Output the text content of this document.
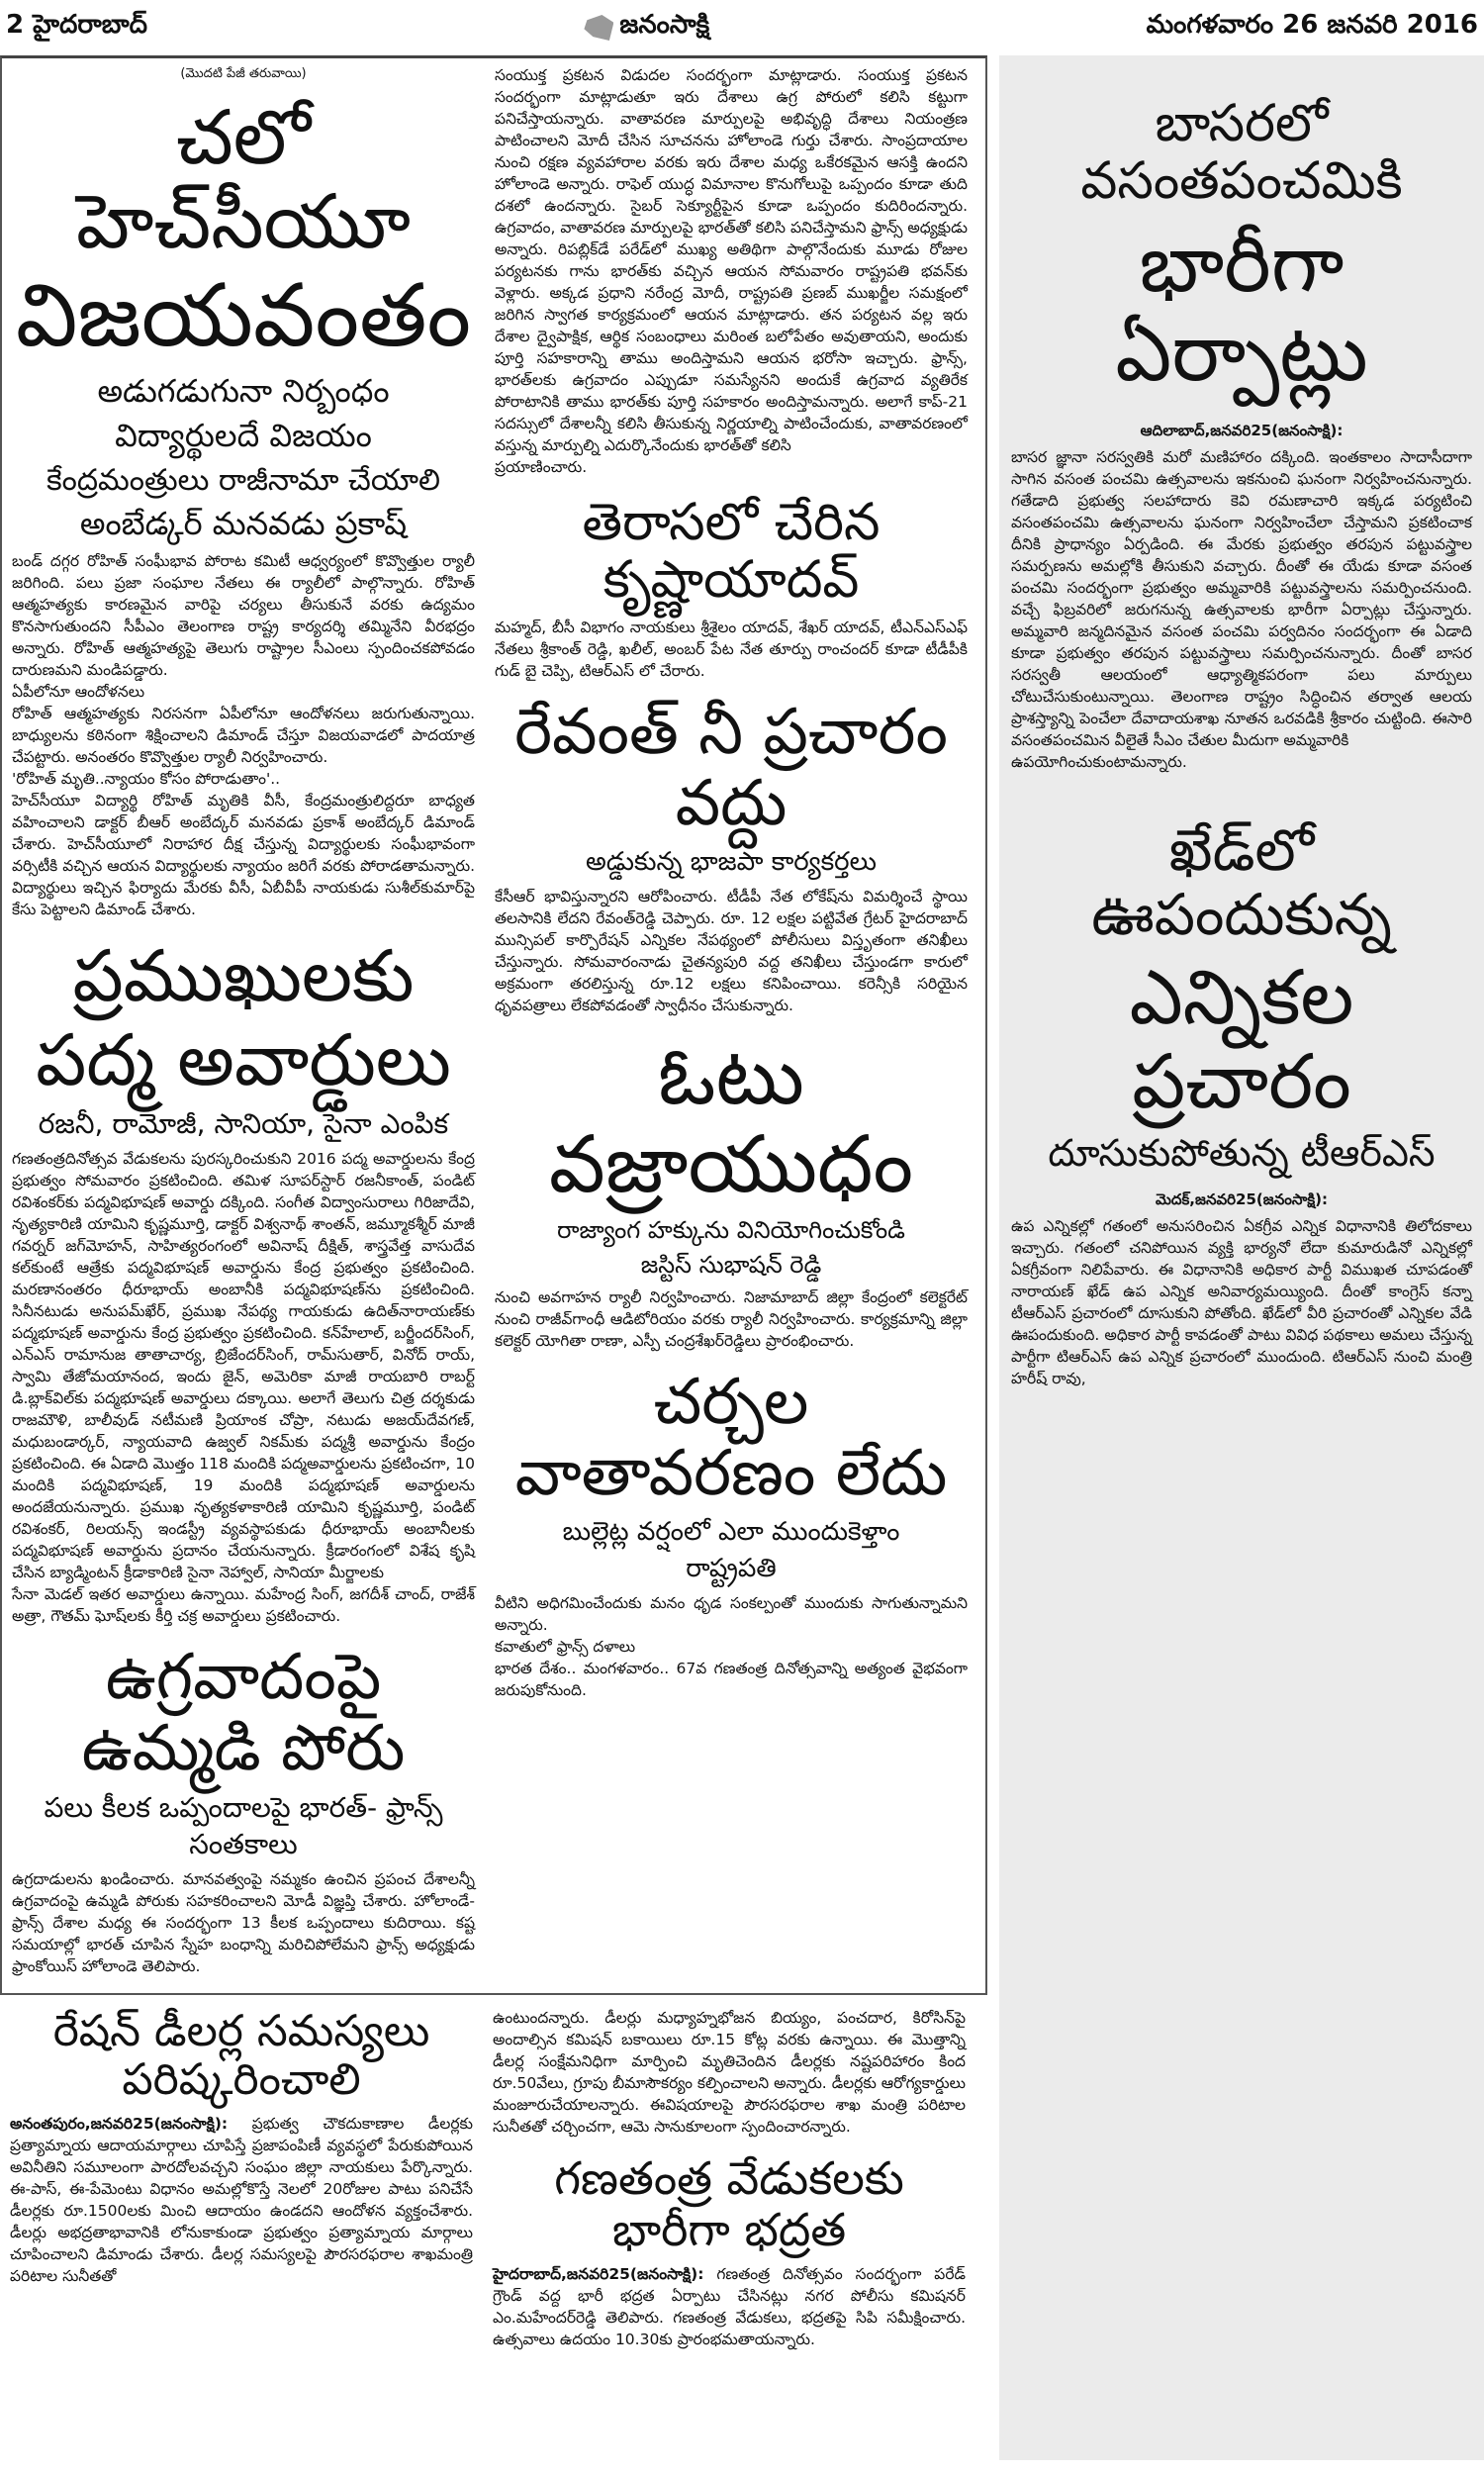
2 హైదరాబాద్	జనంసాక్షి	మంగళవారం 26 జనవరి 2016
(మొదటి పేజీ తరువాయి)
చలో హెచ్‌సీయూ
విజయవంతం
అడుగడుగునా నిర్బంధం
విద్యార్థులదే విజయం
కేంద్రమంత్రులు రాజీనామా చేయాలి
అంబేడ్కర్ మనవడు ప్రకాష్

బండ్ దగ్గర రోహిత్ సంఘీభావ పోరాట కమిటీ ఆధ్వర్యంలో కొవ్వొత్తుల ర్యాలీ జరిగింది. పలు ప్రజా సంఘాల నేతలు ఈ ర్యాలీలో పాల్గొన్నారు. రోహిత్ ఆత్మహత్యకు కారణమైన వారిపై చర్యలు తీసుకునే వరకు ఉద్యమం కొనసాగుతుందని సీపీఎం తెలంగాణ రాష్ట్ర కార్యదర్శి తమ్మినేని వీరభద్రం అన్నారు. రోహిత్ ఆత్మహత్యపై తెలుగు రాష్ట్రాల సీఎంలు స్పందించకపోవడం దారుణమని మండిపడ్డారు.

ఏపీలోనూ ఆందోళనలు

రోహిత్ ఆత్మహత్యకు నిరసనగా ఏపీలోనూ ఆందోళనలు జరుగుతున్నాయి. బాధ్యులను కఠినంగా శిక్షించాలని డిమాండ్ చేస్తూ విజయవాడలో పాదయాత్ర చేపట్టారు. అనంతరం కొవ్వొత్తుల ర్యాలీ నిర్వహించారు.

'రోహిత్ మృతి..న్యాయం కోసం పోరాడుతాం'..

హెచ్‌సీయూ విద్యార్థి రోహిత్ మృతికి వీసీ, కేంద్రమంత్రులిద్దరూ బాధ్యత వహించాలని డాక్టర్ బీఆర్ అంబేద్కర్ మనవడు ప్రకాశ్ అంబేద్కర్ డిమాండ్ చేశారు. హెచ్‌సీయూలో నిరాహార దీక్ష చేస్తున్న విద్యార్థులకు సంఘీభావంగా వర్సిటీకి వచ్చిన ఆయన విద్యార్థులకు న్యాయం జరిగే వరకు పోరాడతామన్నారు. విద్యార్థులు ఇచ్చిన ఫిర్యాదు మేరకు వీసీ, ఏబీవీపీ నాయకుడు సుశీల్‌కుమార్‌పై కేసు పెట్టాలని డిమాండ్ చేశారు.

ప్రముఖులకు
పద్మ అవార్డులు
రజనీ, రామోజీ, సానియా, సైనా ఎంపిక

గణతంత్రదినోత్సవ వేడుకలను పురస్కరించుకుని 2016 పద్మ అవార్డులను కేంద్ర ప్రభుత్వం సోమవారం ప్రకటించింది. తమిళ సూపర్‌స్టార్ రజనీకాంత్, పండిట్ రవిశంకర్‌కు పద్మవిభూషణ్ అవార్డు దక్కింది. సంగీత విద్వాంసురాలు గిరిజాదేవి, నృత్యకారిణి యామిని కృష్ణమూర్తి, డాక్టర్ విశ్వనాథ్ శాంతన్, జమ్మూకశ్మీర్ మాజీ గవర్నర్ జగ్‌మోహన్, సాహిత్యరంగంలో అవినాష్ దీక్షిత్, శాస్త్రవేత్త వాసుదేవ కల్‌కుంటే ఆత్రేకు పద్మవిభూషణ్ అవార్డును కేంద్ర ప్రభుత్వం ప్రకటించింది. మరణానంతరం ధీరూభాయ్ అంబానీకి పద్మవిభూషణ్‌ను ప్రకటించింది. సినీనటుడు అనుపమ్‌ఖేర్, ప్రముఖ నేపథ్య గాయకుడు ఉదిత్‌నారాయణ్‌కు పద్మభూషణ్ అవార్డును కేంద్ర ప్రభుత్వం ప్రకటించింది. కన్‌హేలాల్, బర్జీందర్‌సింగ్, ఎన్ఎస్ రామానుజ తాతాచార్య, బ్రిజేందర్‌సింగ్, రామ్‌సుతార్, వినోద్ రాయ్, స్వామి తేజోమయానంద, ఇందు జైన్, అమెరికా మాజీ రాయబారి రాబర్ట్ డి.బ్లాక్‌విల్‌కు పద్మభూషణ్ అవార్డులు దక్కాయి. అలాగే తెలుగు చిత్ర దర్శకుడు రాజమౌళి, బాలీవుడ్ నటీమణి ప్రియాంక చోప్రా, నటుడు అజయ్‌దేవగణ్, మధుబండార్కర్, న్యాయవాది ఉజ్వల్ నికమ్‌కు పద్మశ్రీ అవార్డును కేంద్రం ప్రకటించింది. ఈ ఏడాది మొత్తం 118 మందికి పద్మఅవార్డులను ప్రకటించగా, 10 మందికి పద్మవిభూషణ్, 19 మందికి పద్మభూషణ్ అవార్డులను అందజేయనున్నారు. ప్రముఖ నృత్యకళాకారిణి యామిని కృష్ణమూర్తి, పండిట్ రవిశంకర్, రిలయన్స్ ఇండస్ట్రీ వ్యవస్థాపకుడు ధీరూభాయ్ అంబానీలకు పద్మవిభూషణ్ అవార్డును ప్రదానం చేయనున్నారు. క్రీడారంగంలో విశేష కృషి చేసిన బ్యాడ్మింటన్ క్రీడాకారిణి సైనా నెహ్వాల్, సానియా మీర్జాలకు

సేనా మెడల్ ఇతర అవార్డులు ఉన్నాయి. మహేంద్ర సింగ్, జగదీశ్ చాంద్, రాజేశ్ అత్రా, గౌతమ్ ఘోష్‌లకు కీర్తి చక్ర అవార్డులు ప్రకటించారు.

ఉగ్రవాదంపై ఉమ్మడి పోరు
పలు కీలక ఒప్పందాలపై భారత్- ఫ్రాన్స్ సంతకాలు
ఉగ్రదాడులను ఖండించారు. మానవత్వంపై నమ్మకం ఉంచిన ప్రపంచ దేశాలన్నీ ఉగ్రవాదంపై ఉమ్మడి పోరుకు సహకరించాలని మోడీ విజ్ఞప్తి చేశారు. హోలాండే-ఫ్రాన్స్ దేశాల మధ్య ఈ సందర్భంగా 13 కీలక ఒప్పందాలు కుదిరాయి. కష్ట సమయాల్లో భారత్ చూపిన స్నేహ బంధాన్ని మరిచిపోలేమని ఫ్రాన్స్ అధ్యక్షుడు ఫ్రాంకోయిస్ హోలాండె తెలిపారు.

సంయుక్త ప్రకటన విడుదల సందర్భంగా మాట్లాడారు. సంయుక్త ప్రకటన సందర్భంగా మాట్లాడుతూ ఇరు దేశాలు ఉగ్ర పోరులో కలిసి కట్టుగా పనిచేస్తాయన్నారు. వాతావరణ మార్పులపై అభివృద్ధి దేశాలు నియంత్రణ పాటించాలని మోదీ చేసిన సూచనను హోలాండె గుర్తు చేశారు. సాంప్రదాయాల నుంచి రక్షణ వ్యవహారాల వరకు ఇరు దేశాల మధ్య ఒకేరకమైన ఆసక్తి ఉందని హోలాండె అన్నారు. రాఫెల్ యుద్ధ విమానాల కొనుగోలుపై ఒప్పందం కూడా తుది దశలో ఉందన్నారు. సైబర్ సెక్యూర్టీపైన కూడా ఒప్పందం కుదిరిందన్నారు. ఉగ్రవాదం, వాతావరణ మార్పులపై భారత్‌తో కలిసి పనిచేస్తామని ఫ్రాన్స్ అధ్యక్షుడు అన్నారు. రిపబ్లిక్‌డే పరేడ్‌లో ముఖ్య అతిథిగా పాల్గొనేందుకు మూడు రోజుల పర్యటనకు గాను భారత్‌కు వచ్చిన ఆయన సోమవారం రాష్ట్రపతి భవన్‌కు వెళ్లారు. అక్కడ ప్రధాని నరేంద్ర మోదీ, రాష్ట్రపతి ప్రణబ్ ముఖర్జీల సమక్షంలో జరిగిన స్వాగత కార్యక్రమంలో ఆయన మాట్లాడారు. తన పర్యటన వల్ల ఇరు దేశాల ద్వైపాక్షిక, ఆర్థిక సంబంధాలు మరింత బలోపేతం అవుతాయని, అందుకు పూర్తి సహకారాన్ని తాము అందిస్తామని ఆయన భరోసా ఇచ్చారు. ఫ్రాన్స్, భారత్‌లకు ఉగ్రవాదం ఎప్పుడూ సమస్యేనని అందుకే ఉగ్రవాద వ్యతిరేక పోరాటానికి తాము భారత్‌కు పూర్తి సహకారం అందిస్తామన్నారు. అలాగే కాప్-21 సదస్సులో దేశాలన్నీ కలిసి తీసుకున్న నిర్ణయాల్ని పాటించేందుకు, వాతావరణంలో వస్తున్న మార్పుల్ని ఎదుర్కొనేందుకు భారత్‌తో కలిసి

ప్రయాణించారు.

తెరాసలో చేరిన కృష్ణాయాదవ్
మహ్మద్, బీసీ విభాగం నాయకులు శ్రీశైలం యాదవ్, శేఖర్ యాదవ్, టీఎన్ఎస్ఎఫ్ నేతలు శ్రీకాంత్ రెడ్డి, ఖలీల్, అంబర్ పేట నేత తూర్పు రాంచందర్ కూడా టీడీపీకి గుడ్ బై చెప్పి, టిఆర్ఎస్ లో చేరారు.
రేవంత్ నీ ప్రచారం వద్దు
అడ్డుకున్న భాజపా కార్యకర్తలు
కేసీఆర్ భావిస్తున్నారని ఆరోపించారు. టీడీపీ నేత లోకేష్‌ను విమర్శించే స్థాయి తలసానికి లేదని రేవంత్‌రెడ్డి చెప్పారు. రూ. 12 లక్షల పట్టివేత గ్రేటర్ హైదరాబాద్ మున్సిపల్ కార్పొరేషన్ ఎన్నికల నేపథ్యంలో పోలీసులు విస్తృతంగా తనిఖీలు చేస్తున్నారు. సోమవారంనాడు చైతన్యపురి వద్ద తనిఖీలు చేస్తుండగా కారులో అక్రమంగా తరలిస్తున్న రూ.12 లక్షలు కనిపించాయి. కరెన్సీకి సరియైన ధృవపత్రాలు లేకపోవడంతో స్వాధీనం చేసుకున్నారు.
ఓటు వజ్రాయుధం
రాజ్యాంగ హక్కును వినియోగించుకోండి
జస్టిస్ సుభాషన్ రెడ్డి
నుంచి అవగాహన ర్యాలీ నిర్వహించారు. నిజామాబాద్ జిల్లా కేంద్రంలో కలెక్టరేట్ నుంచి రాజీవ్‌గాంధీ ఆడిటోరియం వరకు ర్యాలీ నిర్వహించారు. కార్యక్రమాన్ని జిల్లా కలెక్టర్ యోగితా రాణా, ఎస్పీ చంద్రశేఖర్‌రెడ్డిలు ప్రారంభించారు.
చర్చల వాతావరణం లేదు
బుల్లెట్ల వర్షంలో ఎలా ముందుకెళ్తాం
రాష్ట్రపతి

వీటిని అధిగమించేందుకు మనం ధృడ సంకల్పంతో ముందుకు సాగుతున్నామని అన్నారు.

కవాతులో ఫ్రాన్స్ దళాలు

భారత దేశం.. మంగళవారం.. 67వ గణతంత్ర దినోత్సవాన్ని అత్యంత వైభవంగా జరుపుకోనుంది.

రేషన్ డీలర్ల సమస్యలు పరిష్కరించాలి

అనంతపురం,జనవరి25(జనంసాక్షి): ప్రభుత్వ చౌకదుకాణాల డీలర్లకు ప్రత్యామ్నాయ ఆదాయమార్గాలు చూపిస్తే ప్రజాపంపిణీ వ్యవస్థలో పేరుకుపోయిన అవినీతిని సమూలంగా పారదోలవచ్చని సంఘం జిల్లా నాయకులు పేర్కొన్నారు. ఈ-పాస్, ఈ-పేమెంటు విధానం అమల్లోకొస్తే నెలలో 20రోజుల పాటు పనిచేసే డీలర్లకు రూ.1500లకు మించి ఆదాయం ఉండదని ఆందోళన వ్యక్తంచేశారు. డీలర్లు అభద్రతాభావానికి లోనుకాకుండా ప్రభుత్వం ప్రత్యామ్నాయ మార్గాలు చూపించాలని డిమాండు చేశారు. డీలర్ల సమస్యలపై పౌరసరఫరాల శాఖమంత్రి పరిటాల సునీతతో

ఉంటుందన్నారు. డీలర్లు మధ్యాహ్నభోజన బియ్యం, పంచదార, కిరోసిన్‌పై అందాల్సిన కమిషన్ బకాయిలు రూ.15 కోట్ల వరకు ఉన్నాయి. ఈ మొత్తాన్ని డీలర్ల సంక్షేమనిధిగా మార్పించి మృతిచెందిన డీలర్లకు నష్టపరిహారం కింద రూ.50వేలు, గ్రూపు బీమాసౌకర్యం కల్పించాలని అన్నారు. డీలర్లకు ఆరోగ్యకార్డులు మంజూరుచేయాలన్నారు. ఈవిషయాలపై పౌరసరఫరాల శాఖ మంత్రి పరిటాల సునీతతో చర్చించగా, ఆమె సానుకూలంగా స్పందించారన్నారు.
గణతంత్ర వేడుకలకు భారీగా భద్రత

హైదరాబాద్,జనవరి25(జనంసాక్షి): గణతంత్ర దినోత్సవం సందర్భంగా పరేడ్ గ్రౌండ్ వద్ద భారీ భద్రత ఏర్పాటు చేసినట్లు నగర పోలీసు కమిషనర్ ఎం.మహేందర్‌రెడ్డి తెలిపారు. గణతంత్ర వేడుకలు, భద్రతపై సిపి సమీక్షించారు. ఉత్సవాలు ఉదయం 10.30కు ప్రారంభమతాయన్నారు.

బాసరలో వసంతపంచమికి
భారీగా ఏర్పాట్లు
ఆదిలాబాద్,జనవరి25(జనంసాక్షి):

బాసర జ్ఞానా సరస్వతికి మరో మణిహారం దక్కింది. ఇంతకాలం సాదాసీదాగా సాగిన వసంత పంచమి ఉత్సవాలను ఇకనుంచి ఘనంగా నిర్వహించనున్నారు. గతేడాది ప్రభుత్వ సలహాదారు కెవి రమణాచారి ఇక్కడ పర్యటించి వసంతపంచమి ఉత్సవాలను ఘనంగా నిర్వహించేలా చేస్తామని ప్రకటించాక దీనికి ప్రాధాన్యం ఏర్పడింది. ఈ మేరకు ప్రభుత్వం తరపున పట్టువస్త్రాల సమర్పణను అమల్లోకి తీసుకుని వచ్చారు. దీంతో ఈ యేడు కూడా వసంత పంచమి సందర్భంగా ప్రభుత్వం అమ్మవారికి పట్టువస్త్రాలను సమర్పించనుంది. వచ్చే ఫిబ్రవరిలో జరుగనున్న ఉత్సవాలకు భారీగా ఏర్పాట్లు చేస్తున్నారు. అమ్మవారి జన్మదినమైన వసంత పంచమి పర్వదినం సందర్భంగా ఈ ఏడాది కూడా ప్రభుత్వం తరపున పట్టువస్త్రాలు సమర్పించనున్నారు. దీంతో బాసర సరస్వతీ ఆలయంలో ఆధ్యాత్మికపరంగా పలు మార్పులు చోటుచేసుకుంటున్నాయి. తెలంగాణ రాష్ట్రం సిద్ధించిన తర్వాత ఆలయ ప్రాశస్త్యాన్ని పెంచేలా దేవాదాయశాఖ నూతన ఒరవడికి శ్రీకారం చుట్టింది. ఈసారి వసంతపంచమిన వీలైతే సీఎం చేతుల మీదుగా అమ్మవారికి

ఉపయోగించుకుంటామన్నారు.

ఖేడ్‌లో ఊపందుకున్న
ఎన్నికల ప్రచారం
దూసుకుపోతున్న టీఆర్ఎస్
మెదక్,జనవరి25(జనంసాక్షి):
ఉప ఎన్నికల్లో గతంలో అనుసరించిన ఏకగ్రీవ ఎన్నిక విధానానికి తిలోదకాలు ఇచ్చారు. గతంలో చనిపోయిన వ్యక్తి భార్యనో లేదా కుమారుడినో ఎన్నికల్లో ఏకగ్రీవంగా నిలిపేవారు. ఈ విధానానికి అధికార పార్టీ విముఖత చూపడంతో నారాయణ్ ఖేడ్ ఉప ఎన్నిక అనివార్యమయ్యింది. దీంతో కాంగ్రెస్ కన్నా టీఆర్ఎస్ ప్రచారంలో దూసుకుని పోతోంది. ఖేడ్‌లో వీరి ప్రచారంతో ఎన్నికల వేడి ఊపందుకుంది. అధికార పార్టీ కావడంతో పాటు వివిధ పథకాలు అమలు చేస్తున్న పార్టీగా టిఆర్ఎస్ ఉప ఎన్నిక ప్రచారంలో ముందుంది. టిఆర్ఎస్ నుంచి మంత్రి హరీష్ రావు,
